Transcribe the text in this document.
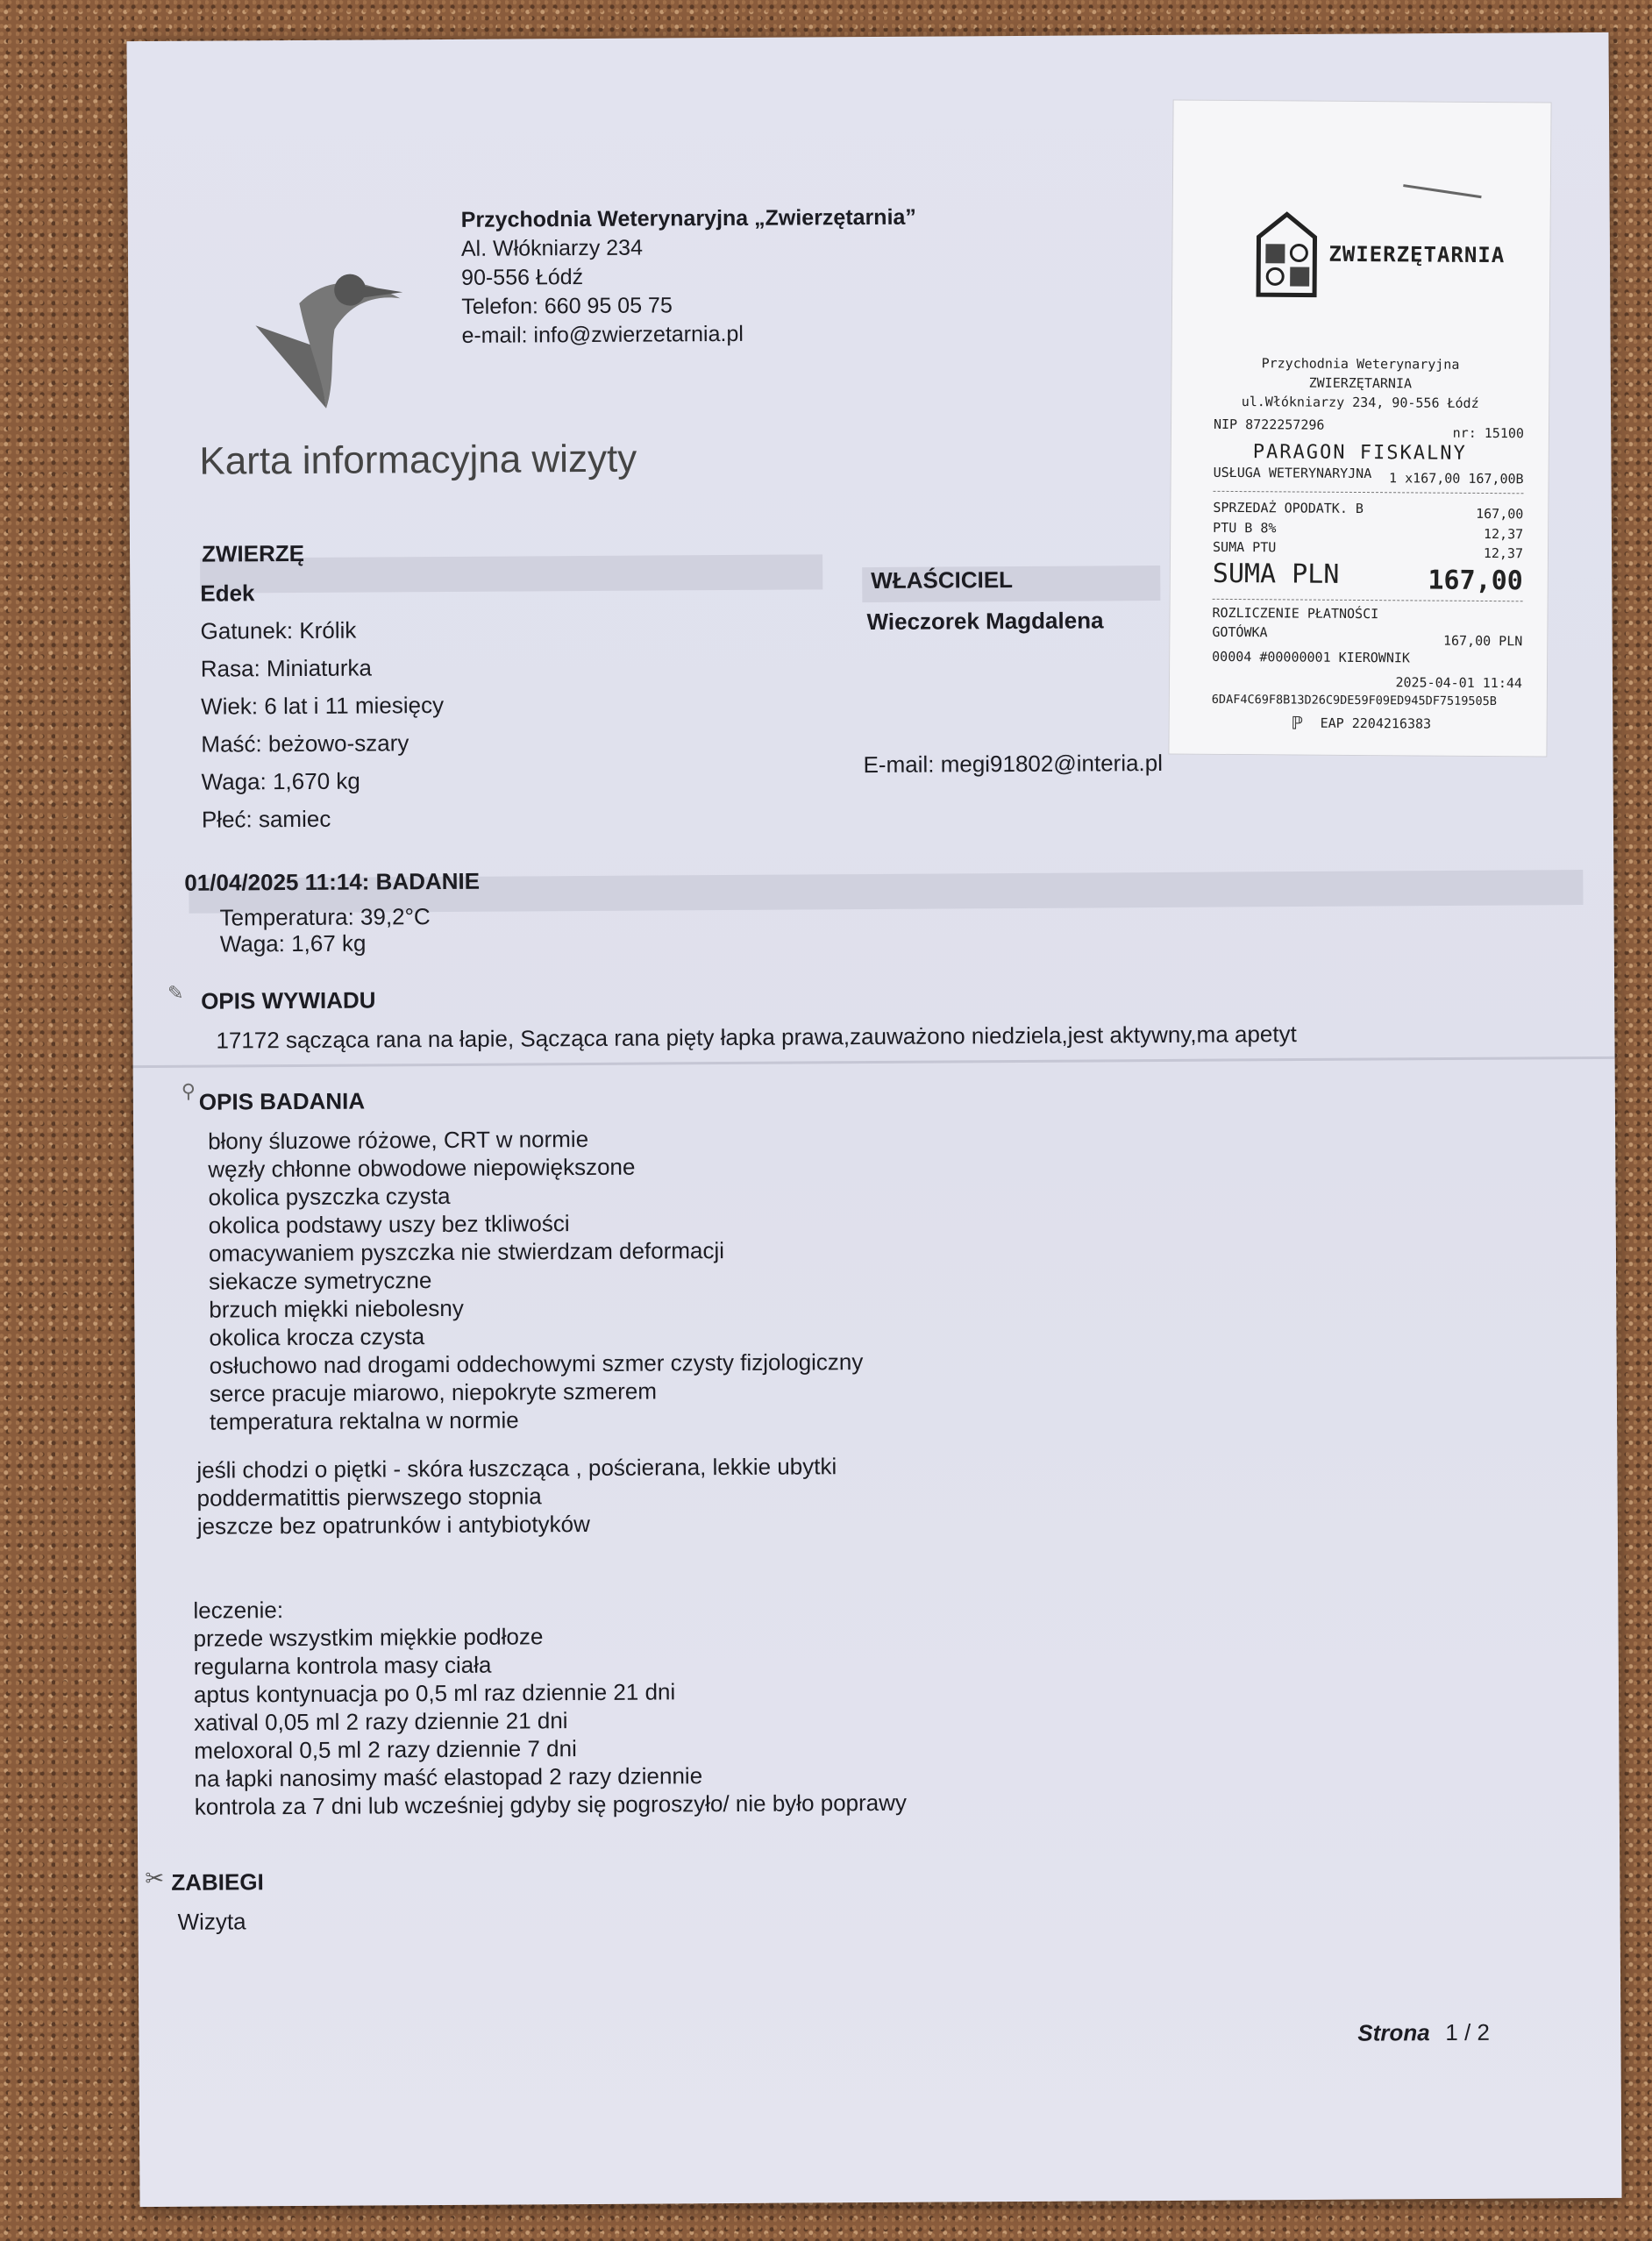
Przychodnia Weterynaryjna „Zwierzętarnia”
Al. Włókniarzy 234
90-556 Łódź
Telefon: 660 95 05 75
e-mail: info@zwierzetarnia.pl
Karta informacyjna wizyty
ZWIERZĘ
Edek
Gatunek: Królik
Rasa: Miniaturka
Wiek: 6 lat i 11 miesięcy
Maść: beżowo-szary
Waga: 1,670 kg
Płeć: samiec
WŁAŚCICIEL
Wieczorek Magdalena
E-mail: megi91802@interia.pl
01/04/2025 11:14: BADANIE
Temperatura: 39,2°C
Waga: 1,67 kg
✎ OPIS WYWIADU
17172 sącząca rana na łapie, Sącząca rana pięty łapka prawa,zauważono niedziela,jest aktywny,ma apetyt
⚲ OPIS BADANIA
błony śluzowe różowe, CRT w normie
węzły chłonne obwodowe niepowiększone
okolica pyszczka czysta
okolica podstawy uszy bez tkliwości
omacywaniem pyszczka nie stwierdzam deformacji
siekacze symetryczne
brzuch miękki niebolesny
okolica krocza czysta
osłuchowo nad drogami oddechowymi szmer czysty fizjologiczny
serce pracuje miarowo, niepokryte szmerem
temperatura rektalna w normie
jeśli chodzi o piętki - skóra łuszcząca , pościerana, lekkie ubytki
poddermatittis pierwszego stopnia
jeszcze bez opatrunków i antybiotyków
leczenie:
przede wszystkim miękkie podłoze
regularna kontrola masy ciała
aptus kontynuacja po 0,5 ml raz dziennie 21 dni
xatival 0,05 ml 2 razy dziennie 21 dni
meloxoral 0,5 ml 2 razy dziennie 7 dni
na łapki nanosimy maść elastopad 2 razy dziennie
kontrola za 7 dni lub wcześniej gdyby się pogroszyło/ nie było poprawy
✂ ZABIEGI
Wizyta
Strona 1 / 2
ZWIERZĘTARNIA
Przychodnia Weterynaryjna
ZWIERZĘTARNIA
ul.Włókniarzy 234, 90-556 Łódź
NIP 8722257296
nr: 15100
PARAGON FISKALNY
USŁUGA WETERYNARYJNA 1 x167,00 167,00B
SPRZEDAŻ OPODATK. B	167,00
PTU B 8%	12,37
SUMA PTU	12,37
SUMA PLN	167,00
ROZLICZENIE PŁATNOŚCI
GOTÓWKA
167,00 PLN
00004 #00000001 KIEROWNIK
2025-04-01 11:44
6DAF4C69F8B13D26C9DE59F09ED945DF7519505B
ℙ EAP 2204216383
